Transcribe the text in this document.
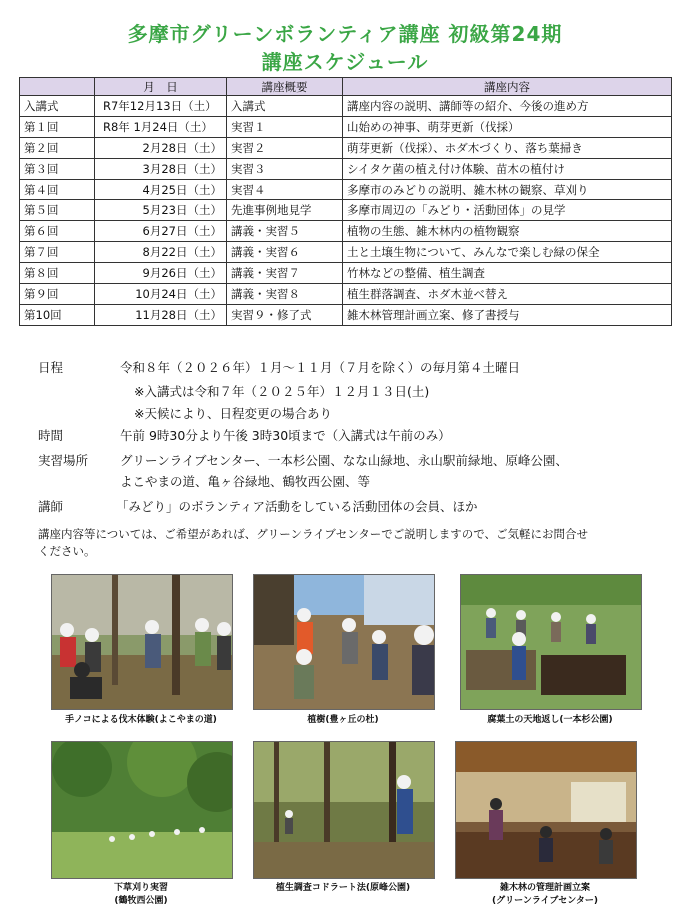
多摩市グリーンボランティア講座 初級第24期
講座スケジュール
	月　日	講座概要	講座内容
入講式	R7年12月13日（土）	入講式	講座内容の説明、講師等の紹介、今後の進め方
第１回	R8年 1月24日（土）	実習１	山始めの神事、萌芽更新（伐採）
第２回	2月28日（土）	実習２	萌芽更新（伐採）、ホダ木づくり、落ち葉掃き
第３回	3月28日（土）	実習３	シイタケ菌の植え付け体験、苗木の植付け
第４回	4月25日（土）	実習４	多摩市のみどりの説明、雑木林の観察、草刈り
第５回	5月23日（土）	先進事例地見学	多摩市周辺の「みどり・活動団体」の見学
第６回	6月27日（土）	講義・実習５	植物の生態、雑木林内の植物観察
第７回	8月22日（土）	講義・実習６	土と土壌生物について、みんなで楽しむ緑の保全
第８回	9月26日（土）	講義・実習７	竹林などの整備、植生調査
第９回	10月24日（土）	講義・実習８	植生群落調査、ホダ木並べ替え
第10回	11月28日（土）	実習９・修了式	雑木林管理計画立案、修了書授与
日程	令和８年（２０２６年）１月～１１月（７月を除く）の毎月第４土曜日
※入講式は令和７年（２０２５年）１２月１３日(土)
※天候により、日程変更の場合あり
時間	午前 9時30分より午後 3時30頃まで（入講式は午前のみ）
実習場所	グリーンライブセンター、一本杉公園、なな山緑地、永山駅前緑地、原峰公園、
よこやまの道、亀ヶ谷緑地、鶴牧西公園、等
講師	「みどり」のボランティア活動をしている活動団体の会員、ほか
講座内容等については、ご希望があれば、グリーンライブセンターでご説明しますので、ご気軽にお問合せ
ください。
手ノコによる伐木体験(よこやまの道)	植樹(豊ヶ丘の杜)	腐葉土の天地返し(一本杉公園)
下草刈り実習
(鶴牧西公園)
植生調査コドラート法(原峰公園)	雑木林の管理計画立案
(グリーンライブセンター)
